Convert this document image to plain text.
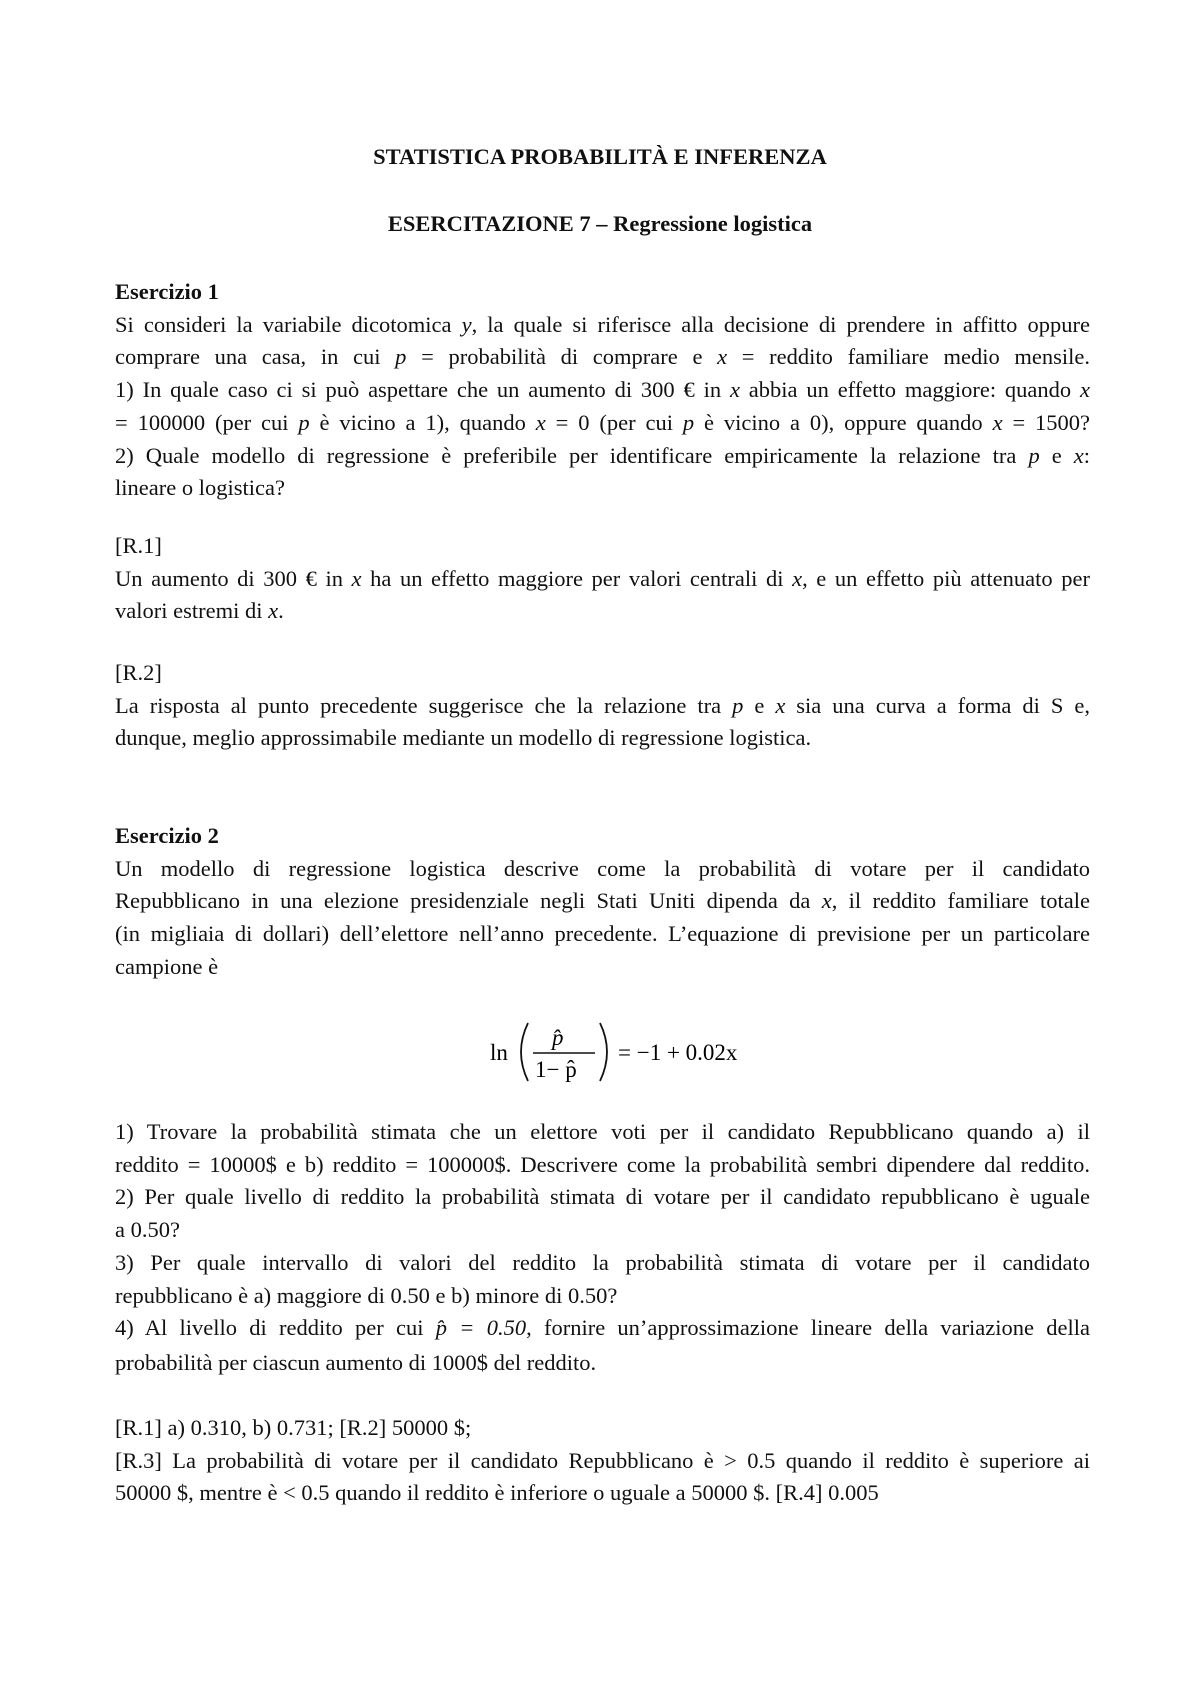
STATISTICA PROBABILITÀ E INFERENZA
ESERCITAZIONE 7 – Regressione logistica
Esercizio 1
Si consideri la variabile dicotomica y, la quale si riferisce alla decisione di prendere in affitto oppure
comprare una casa, in cui p = probabilità di comprare e x = reddito familiare medio mensile.
1) In quale caso ci si può aspettare che un aumento di 300 € in x abbia un effetto maggiore: quando x
= 100000 (per cui p è vicino a 1), quando x = 0 (per cui p è vicino a 0), oppure quando x = 1500?
2) Quale modello di regressione è preferibile per identificare empiricamente la relazione tra p e x:
lineare o logistica?
[R.1]
Un aumento di 300 € in x ha un effetto maggiore per valori centrali di x, e un effetto più attenuato per
valori estremi di x.
[R.2]
La risposta al punto precedente suggerisce che la relazione tra p e x sia una curva a forma di S e,
dunque, meglio approssimabile mediante un modello di regressione logistica.
Esercizio 2
Un modello di regressione logistica descrive come la probabilità di votare per il candidato
Repubblicano in una elezione presidenziale negli Stati Uniti dipenda da x, il reddito familiare totale
(in migliaia di dollari) dell’elettore nell’anno precedente. L’equazione di previsione per un particolare
campione è
ln
p̂
1− p̂
= −1 + 0.02x
1) Trovare la probabilità stimata che un elettore voti per il candidato Repubblicano quando a) il
reddito = 10000$ e b) reddito = 100000$. Descrivere come la probabilità sembri dipendere dal reddito.
2) Per quale livello di reddito la probabilità stimata di votare per il candidato repubblicano è uguale
a 0.50?
3) Per quale intervallo di valori del reddito la probabilità stimata di votare per il candidato
repubblicano è a) maggiore di 0.50 e b) minore di 0.50?
4) Al livello di reddito per cui p̂ = 0.50, fornire un’approssimazione lineare della variazione della
probabilità per ciascun aumento di 1000$ del reddito.
[R.1] a) 0.310, b) 0.731; [R.2] 50000 $;
[R.3] La probabilità di votare per il candidato Repubblicano è > 0.5 quando il reddito è superiore ai
50000 $, mentre è < 0.5 quando il reddito è inferiore o uguale a 50000 $. [R.4] 0.005
